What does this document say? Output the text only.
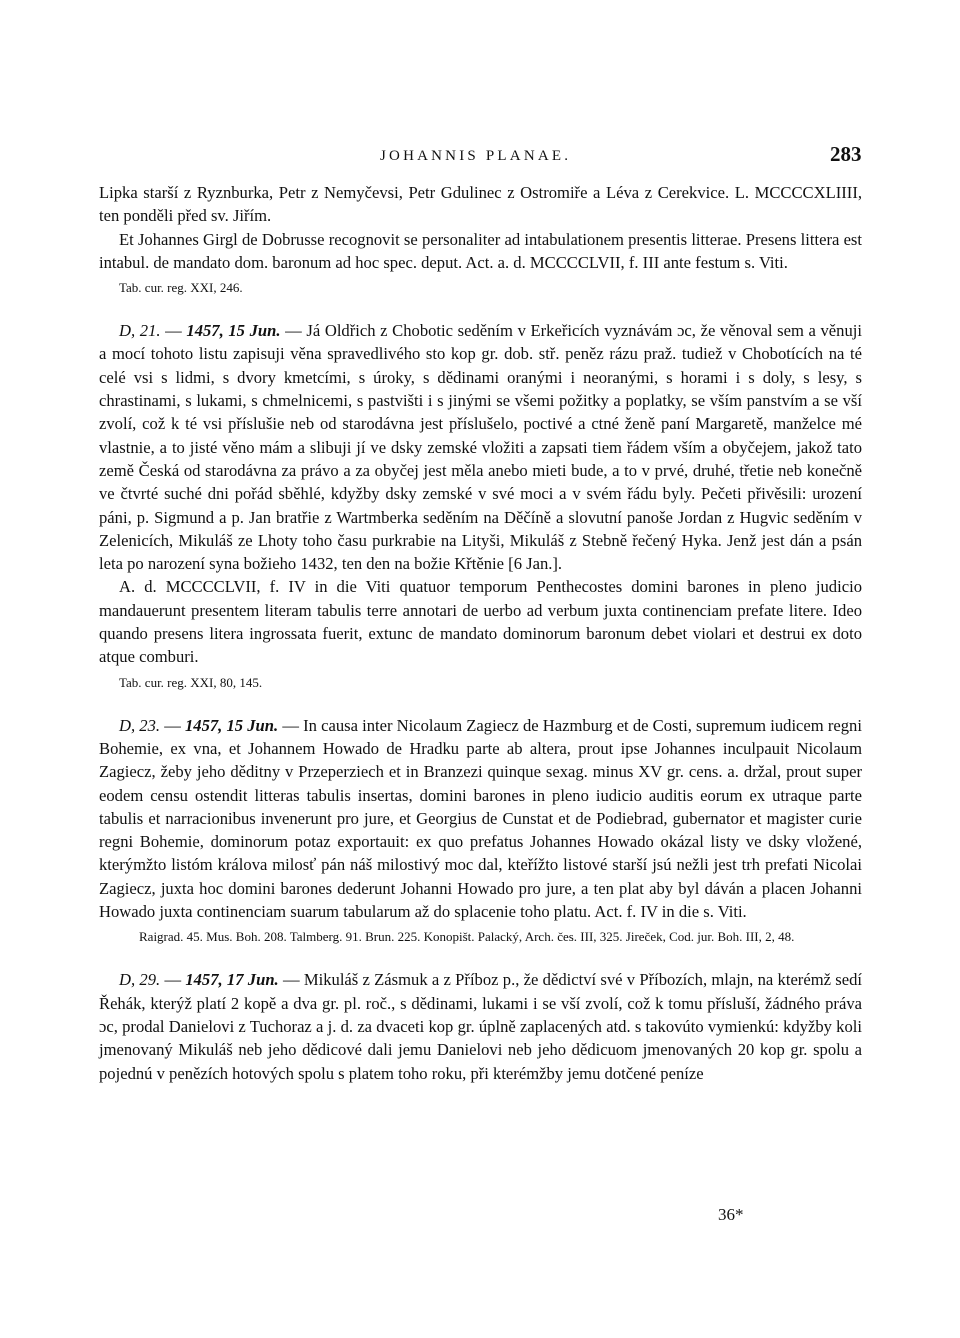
JOHANNIS PLANAE.	283

Lipka starší z Ryznburka, Petr z Nemyčevsi, Petr Gdulinec z Ostromiře a Léva z Cerekvice. L. MCCCCXLIIII, ten ponděli před sv. Jiřím.

Et Johannes Girgl de Dobrusse recognovit se personaliter ad intabulationem presentis litterae. Presens littera est intabul. de mandato dom. baronum ad hoc spec. deput. Act. a. d. MCCCCLVII, f. III ante festum s. Viti.

Tab. cur. reg. XXI, 246.

D, 21. — 1457, 15 Jun. — Já Oldřich z Chobotic seděním v Erkeřicích vyznávám ɔc, že věnoval sem a věnuji a mocí tohoto listu zapisuji věna spravedlivého sto kop gr. dob. stř. peněz rázu praž. tudiež v Chobotících na té celé vsi s lidmi, s dvory kmetcími, s úroky, s dědinami oranými i neoranými, s horami i s doly, s lesy, s chrastinami, s lukami, s chmelnicemi, s pastvišti i s jinými se všemi požitky a poplatky, se vším panstvím a se vší zvolí, což k té vsi příslušie neb od starodávna jest příslušelo, poctivé a ctné ženě paní Margaretě, manželce mé vlastnie, a to jisté věno mám a slibuji jí ve dsky zemské vložiti a zapsati tiem řádem vším a obyčejem, jakož tato země Česká od starodávna za právo a za obyčej jest měla anebo mieti bude, a to v prvé, druhé, třetie neb konečně ve čtvrté suché dni pořád sběhlé, kdyžby dsky zemské v své moci a v svém řádu byly. Pečeti přivěsili: urození páni, p. Sigmund a p. Jan bratřie z Wartmberka seděním na Děčíně a slovutní panoše Jordan z Hugvic seděním v Zelenicích, Mikuláš ze Lhoty toho času purkrabie na Lityši, Mikuláš z Stebně řečený Hyka. Jenž jest dán a psán leta po narození syna božieho 1432, ten den na božie Křtěnie [6 Jan.].

A. d. MCCCCLVII, f. IV in die Viti quatuor temporum Penthecostes domini barones in pleno judicio mandauerunt presentem literam tabulis terre annotari de uerbo ad verbum juxta continenciam prefate litere. Ideo quando presens litera ingrossata fuerit, extunc de mandato dominorum baronum debet violari et destrui ex doto atque comburi.

Tab. cur. reg. XXI, 80, 145.

D, 23. — 1457, 15 Jun. — In causa inter Nicolaum Zagiecz de Hazmburg et de Costi, supremum iudicem regni Bohemie, ex vna, et Johannem Howado de Hradku parte ab altera, prout ipse Johannes inculpauit Nicolaum Zagiecz, žeby jeho děditny v Przeperziech et in Branzezi quinque sexag. minus XV gr. cens. a. držal, prout super eodem censu ostendit litteras tabulis insertas, domini barones in pleno iudicio auditis eorum ex utraque parte tabulis et narracionibus invenerunt pro jure, et Georgius de Cunstat et de Podiebrad, gubernator et magister curie regni Bohemie, dominorum potaz exportauit: ex quo prefatus Johannes Howado okázal listy ve dsky vložené, kterýmžto listóm králova milosť pán náš milostivý moc dal, kteřížto listové starší jsú nežli jest trh prefati Nicolai Zagiecz, juxta hoc domini barones dederunt Johanni Howado pro jure, a ten plat aby byl dáván a placen Johanni Howado juxta continenciam suarum tabularum až do splacenie toho platu. Act. f. IV in die s. Viti.

Raigrad. 45. Mus. Boh. 208. Talmberg. 91. Brun. 225. Konopišt. Palacký, Arch. čes. III, 325. Jireček, Cod. jur. Boh. III, 2, 48.

D, 29. — 1457, 17 Jun. — Mikuláš z Zásmuk a z Příboz p., že dědictví své v Příbozích, mlajn, na kterémž sedí Řehák, kterýž platí 2 kopě a dva gr. pl. roč., s dědinami, lukami i se vší zvolí, což k tomu přísluší, žádného práva ɔc, prodal Danielovi z Tuchoraz a j. d. za dvaceti kop gr. úplně zaplacených atd. s takovúto vymienkú: kdyžby koli jmenovaný Mikuláš neb jeho dědicové dali jemu Danielovi neb jeho dědicuom jmenovaných 20 kop gr. spolu a pojednú v penězích hotových spolu s platem toho roku, při kterémžby jemu dotčené peníze

36*
